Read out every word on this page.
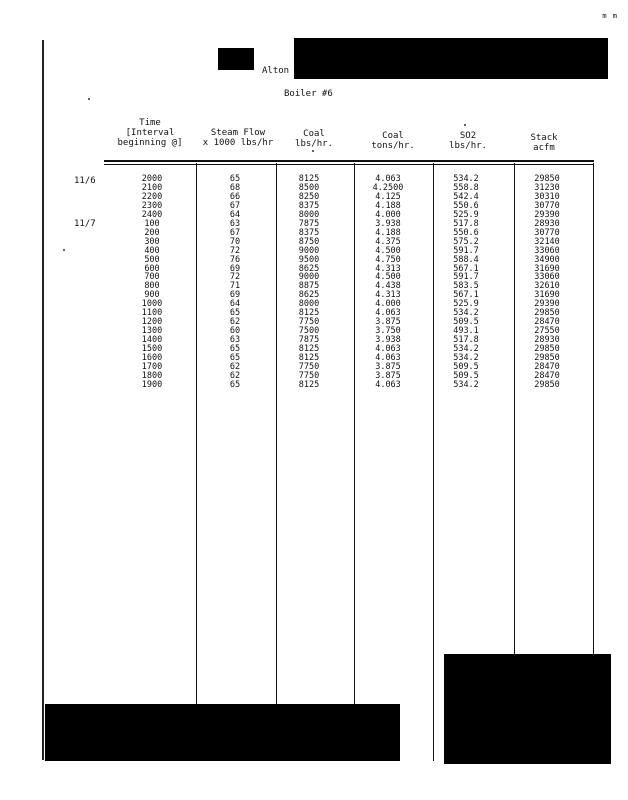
m m
Alton
Boiler #6
Time
[Interval
beginning @]
Steam Flow
x 1000 lbs/hr
Coal
lbs/hr.
Coal
tons/hr.
SO2
lbs/hr.
Stack
acfm
11/6
11/7
2000
2100
2200
2300
2400
100
200
300
400
500
600
700
800
900
1000
1100
1200
1300
1400
1500
1600
1700
1800
1900
65
68
66
67
64
63
67
70
72
76
69
72
71
69
64
65
62
60
63
65
65
62
62
65
8125
8500
8250
8375
8000
7875
8375
8750
9000
9500
8625
9000
8875
8625
8000
8125
7750
7500
7875
8125
8125
7750
7750
8125
4.063
4.2500
4.125
4.188
4.000
3.938
4.188
4.375
4.500
4.750
4.313
4.500
4.438
4.313
4.000
4.063
3.875
3.750
3.938
4.063
4.063
3.875
3.875
4.063
534.2
558.8
542.4
550.6
525.9
517.8
550.6
575.2
591.7
588.4
567.1
591.7
583.5
567.1
525.9
534.2
509.5
493.1
517.8
534.2
534.2
509.5
509.5
534.2
29850
31230
30310
30770
29390
28930
30770
32140
33060
34900
31690
33060
32610
31690
29390
29850
28470
27550
28930
29850
29850
28470
28470
29850
